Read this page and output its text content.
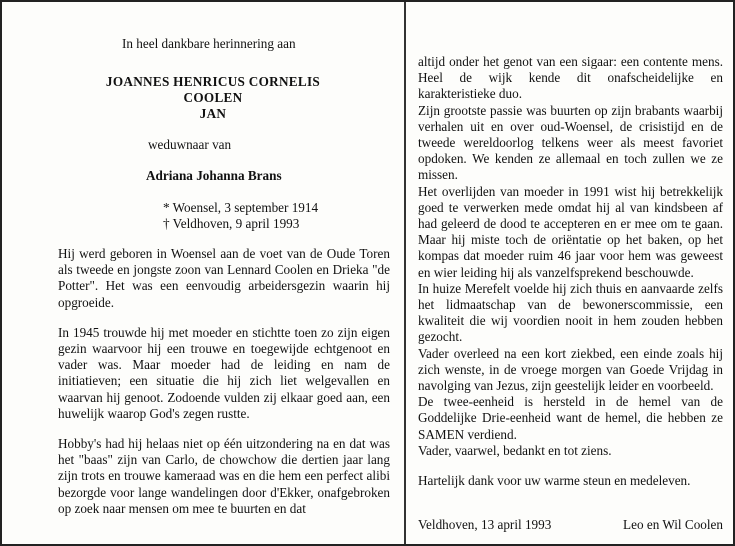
In heel dankbare herinnering aan

JOANNES HENRICUS CORNELIS

COOLEN

JAN

weduwnaar van

Adriana Johanna Brans

* Woensel, 3 september 1914

† Veldhoven, 9 april 1993

Hij werd geboren in Woensel aan de voet van de Oude Toren als tweede en jongste zoon van Lennard Coolen en Drieka "de Potter". Het was een eenvoudig arbeidersgezin waarin hij opgroeide.

In 1945 trouwde hij met moeder en stichtte toen zo zijn eigen gezin waarvoor hij een trouwe en toegewijde echtgenoot en vader was. Maar moeder had de leiding en nam de initiatieven; een situatie die hij zich liet welgevallen en waarvan hij genoot. Zodoende vulden zij elkaar goed aan, een huwelijk waarop God's zegen rustte.

Hobby's had hij helaas niet op één uitzondering na en dat was het "baas" zijn van Carlo, de chowchow die dertien jaar lang zijn trots en trouwe kameraad was en die hem een perfect alibi bezorgde voor lange wandelingen door d'Ekker, onafgebroken op zoek naar mensen om mee te buurten en dat

altijd onder het genot van een sigaar: een contente mens. Heel de wijk kende dit onafscheidelijke en karakteristieke duo.

Zijn grootste passie was buurten op zijn brabants waarbij verhalen uit en over oud-Woensel, de crisistijd en de tweede wereldoorlog telkens weer als meest favoriet opdoken. We kenden ze allemaal en toch zullen we ze missen.

Het overlijden van moeder in 1991 wist hij betrekkelijk goed te verwerken mede omdat hij al van kindsbeen af had geleerd de dood te accepteren en er mee om te gaan. Maar hij miste toch de oriëntatie op het baken, op het kompas dat moeder ruim 46 jaar voor hem was geweest en wier leiding hij als vanzelfsprekend beschouwde.

In huize Merefelt voelde hij zich thuis en aanvaarde zelfs het lidmaatschap van de bewonerscommissie, een kwaliteit die wij voordien nooit in hem zouden hebben gezocht.

Vader overleed na een kort ziekbed, een einde zoals hij zich wenste, in de vroege morgen van Goede Vrijdag in navolging van Jezus, zijn geestelijk leider en voorbeeld.

De twee-eenheid is hersteld in de hemel van de Goddelijke Drie-eenheid want de hemel, die hebben ze SAMEN verdiend.

Vader, vaarwel, bedankt en tot ziens.

Hartelijk dank voor uw warme steun en medeleven.

Veldhoven, 13 april 1993	Leo en Wil Coolen
